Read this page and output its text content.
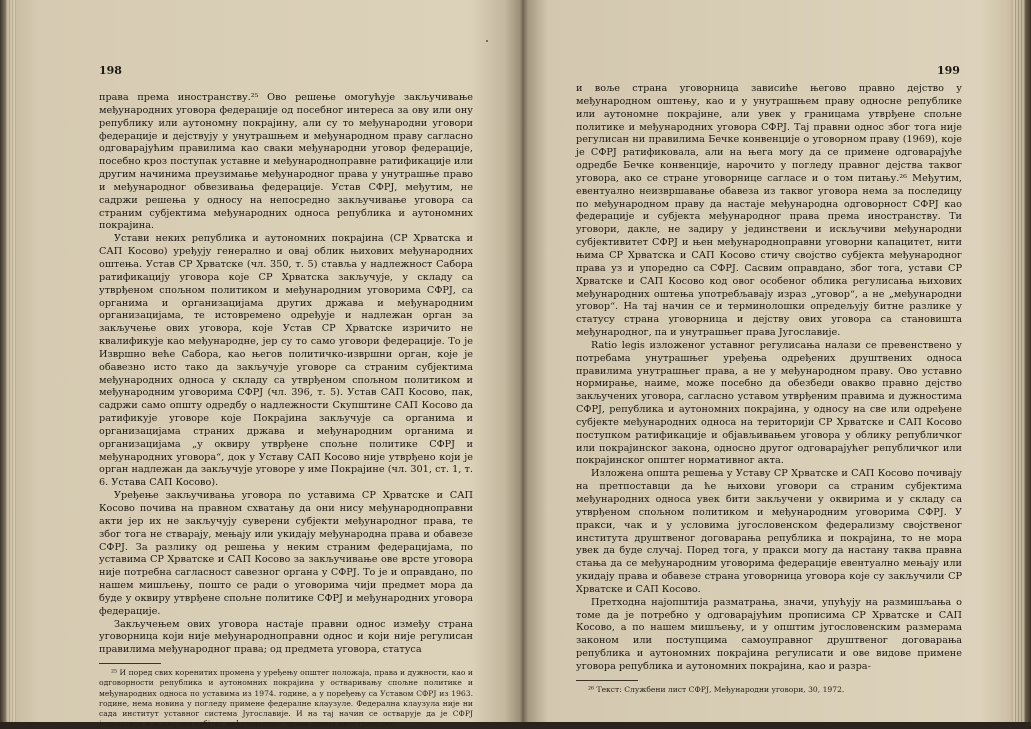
198

права према иностранству.²⁵ Ово решење омогућује закључивање међународних уговора федерације од посебног интереса за ову или ону републику или аутономну покрајину, али су то међународни уговори федерације и дејствују у унутрашњем и међународном праву сагласно одговарајућим правилима као сваки међународни уговор федерације, посебно кроз поступак уставне и међународноправне ратификације или другим начинима преузимање међународног права у унутрашње право и међународног обвезивања федерације. Устав СФРЈ, међутим, не садржи решења у односу на непосредно закључивање уговора са страним субјектима међународних односа република и аутономних покрајина.

Устави неких република и аутономних покрајина (СР Хрватска и САП Косово) уређују генерално и овај облик њихових међународних оштења. Устав СР Хрватске (чл. 350, т. 5) ставља у надлежност Сабора ратификацију уговора које СР Хрватска закључује, у складу са утврђеном спољном политиком и међународним уговорима СФРЈ, са органима и организацијама других држава и међународним организацијама, те истовремено одређује и надлежан орган за закључење ових уговора, које Устав СР Хрватске изричито не квалификује као међународне, јер су то само уговори федерације. То је Извршно веће Сабора, као његов политичко-извршни орган, које је обавезно исто тако да закључује уговоре са страним субјектима међународних односа у складу са утврђеном спољном политиком и међународним уговорима СФРЈ (чл. 396, т. 5). Устав САП Косово, пак, садржи само општу одредбу о надлежности Скупштине САП Косово да ратификује уговоре које Покрајина закључује са органима и организацијама страних држава и међународним органима и организацијама „у оквиру утврђене спољне политике СФРЈ и међународних уговора“, док у Уставу САП Косово није утврђено који је орган надлежан да закључује уговоре у име Покрајине (чл. 301, ст. 1, т. 6. Устава САП Косово).

Уређење закључивања уговора по уставима СР Хрватске и САП Косово почива на правном схватању да они нису међународноправни акти јер их не закључују суверени субјекти међународног права, те због тога не стварају, мењају или укидају међународна права и обавезе СФРЈ. За разлику од решења у неким страним федерацијама, по уставима СР Хрватске и САП Косово за закључивање ове врсте уговора није потребна сагласност савезног органа у СФРЈ. То је и оправдано, по нашем мишљењу, пошто се ради о уговорима чији предмет мора да буде у оквиру утврђене спољне политике СФРЈ и међународних уговора федерације.

Закључењем ових уговора настаје правни однос између страна уговорница који није међународноправни однос и који није регулисан правилима међународног права; од предмета уговора, статуса

²⁵ И поред свих коренитих промена у уређењу општег положаја, права и дужности, као и одговорности република и аутономних покрајина у остваривању спољне политике и међународних односа по уставима из 1974. године, а у поређењу са Уставом СФРЈ из 1963. године, нема новина у погледу примене федералне клаузуле. Федерална клаузула није ни сада институт уставног система Југославије. И на тај начин се остварује да је СФРЈ јединствен и искључив субјект међународног права према иностранству.

199

и воље страна уговорница зависиће његово правно дејство у међународном оштењу, као и у унутрашњем праву односне републике или аутономне покрајине, али увек у границама утврђене спољне политике и међународних уговора СФРЈ. Тај правни однос због тога није регулисан ни правилима Бечке конвенције о уговорном праву (1969), које је СФРЈ ратификовала, али на њега могу да се примене одговарајуће одредбе Бечке конвенције, нарочито у погледу правног дејства таквог уговора, ако се стране уговорнице сагласе и о том питању.²⁶ Међутим, евентуално неизвршавање обавеза из таквог уговора нема за последицу по међународном праву да настаје међународна одговорност СФРЈ као федерације и субјекта међународног права према иностранству. Ти уговори, дакле, не задиру у јединствени и искључиви међународни субјективитет СФРЈ и њен међународноправни уговорни капацитет, нити њима СР Хрватска и САП Косово стичу својство субјекта међународног права уз и упоредно са СФРЈ. Сасвим оправдано, због тога, устави СР Хрватске и САП Косово код овог особеног облика регулисања њихових међународних оштења употребљавају израз „уговор“, а не „међународни уговор“. На тај начин се и терминолошки опредељују битне разлике у статусу страна уговорница и дејству ових уговора са становишта међународног, па и унутрашњег права Југославије.

Ratio legis изложеног уставног регулисања налази се превенствено у потребама унутрашњег уређења одређених друштвених односа правилима унутрашњег права, а не у међународном праву. Ово уставно нормирање, наиме, може посебно да обезбеди овакво правно дејство закључених уговора, сагласно уставом утврђеним правима и дужностима СФРЈ, република и аутономних покрајина, у односу на све или одређене субјекте међународних односа на територији СР Хрватске и САП Косово поступком ратификације и објављивањем уговора у облику републичког или покрајинског закона, односно другог одговарајућег републичког или покрајинског општег нормативног акта.

Изложена општа решења у Уставу СР Хрватске и САП Косово почивају на претпоставци да ће њихови уговори са страним субјектима међународних односа увек бити закључени у оквирима и у складу са утврђеном спољном политиком и међународним уговорима СФРЈ. У пракси, чак и у условима југословенском федерализму својственог института друштвеног договарања република и покрајина, то не мора увек да буде случај. Поред тога, у пракси могу да настану таква правна стања да се међународним уговорима федерације евентуално мењају или укидају права и обавезе страна уговорница уговора које су закључили СР Хрватске и САП Косово.

Претходна најопштија разматрања, значи, упућују на размишљања о томе да је потребно у одговарајућим прописима СР Хрватске и САП Косово, а по нашем мишљењу, и у општим југословенским размерама законом или поступцима самоуправног друштвеног договарања република и аутономних покрајина регулисати и ове видове примене уговора република и аутономних покрајина, као и разра-

²⁶ Текст: Службени лист СФРЈ, Међународни уговори, 30, 1972.
